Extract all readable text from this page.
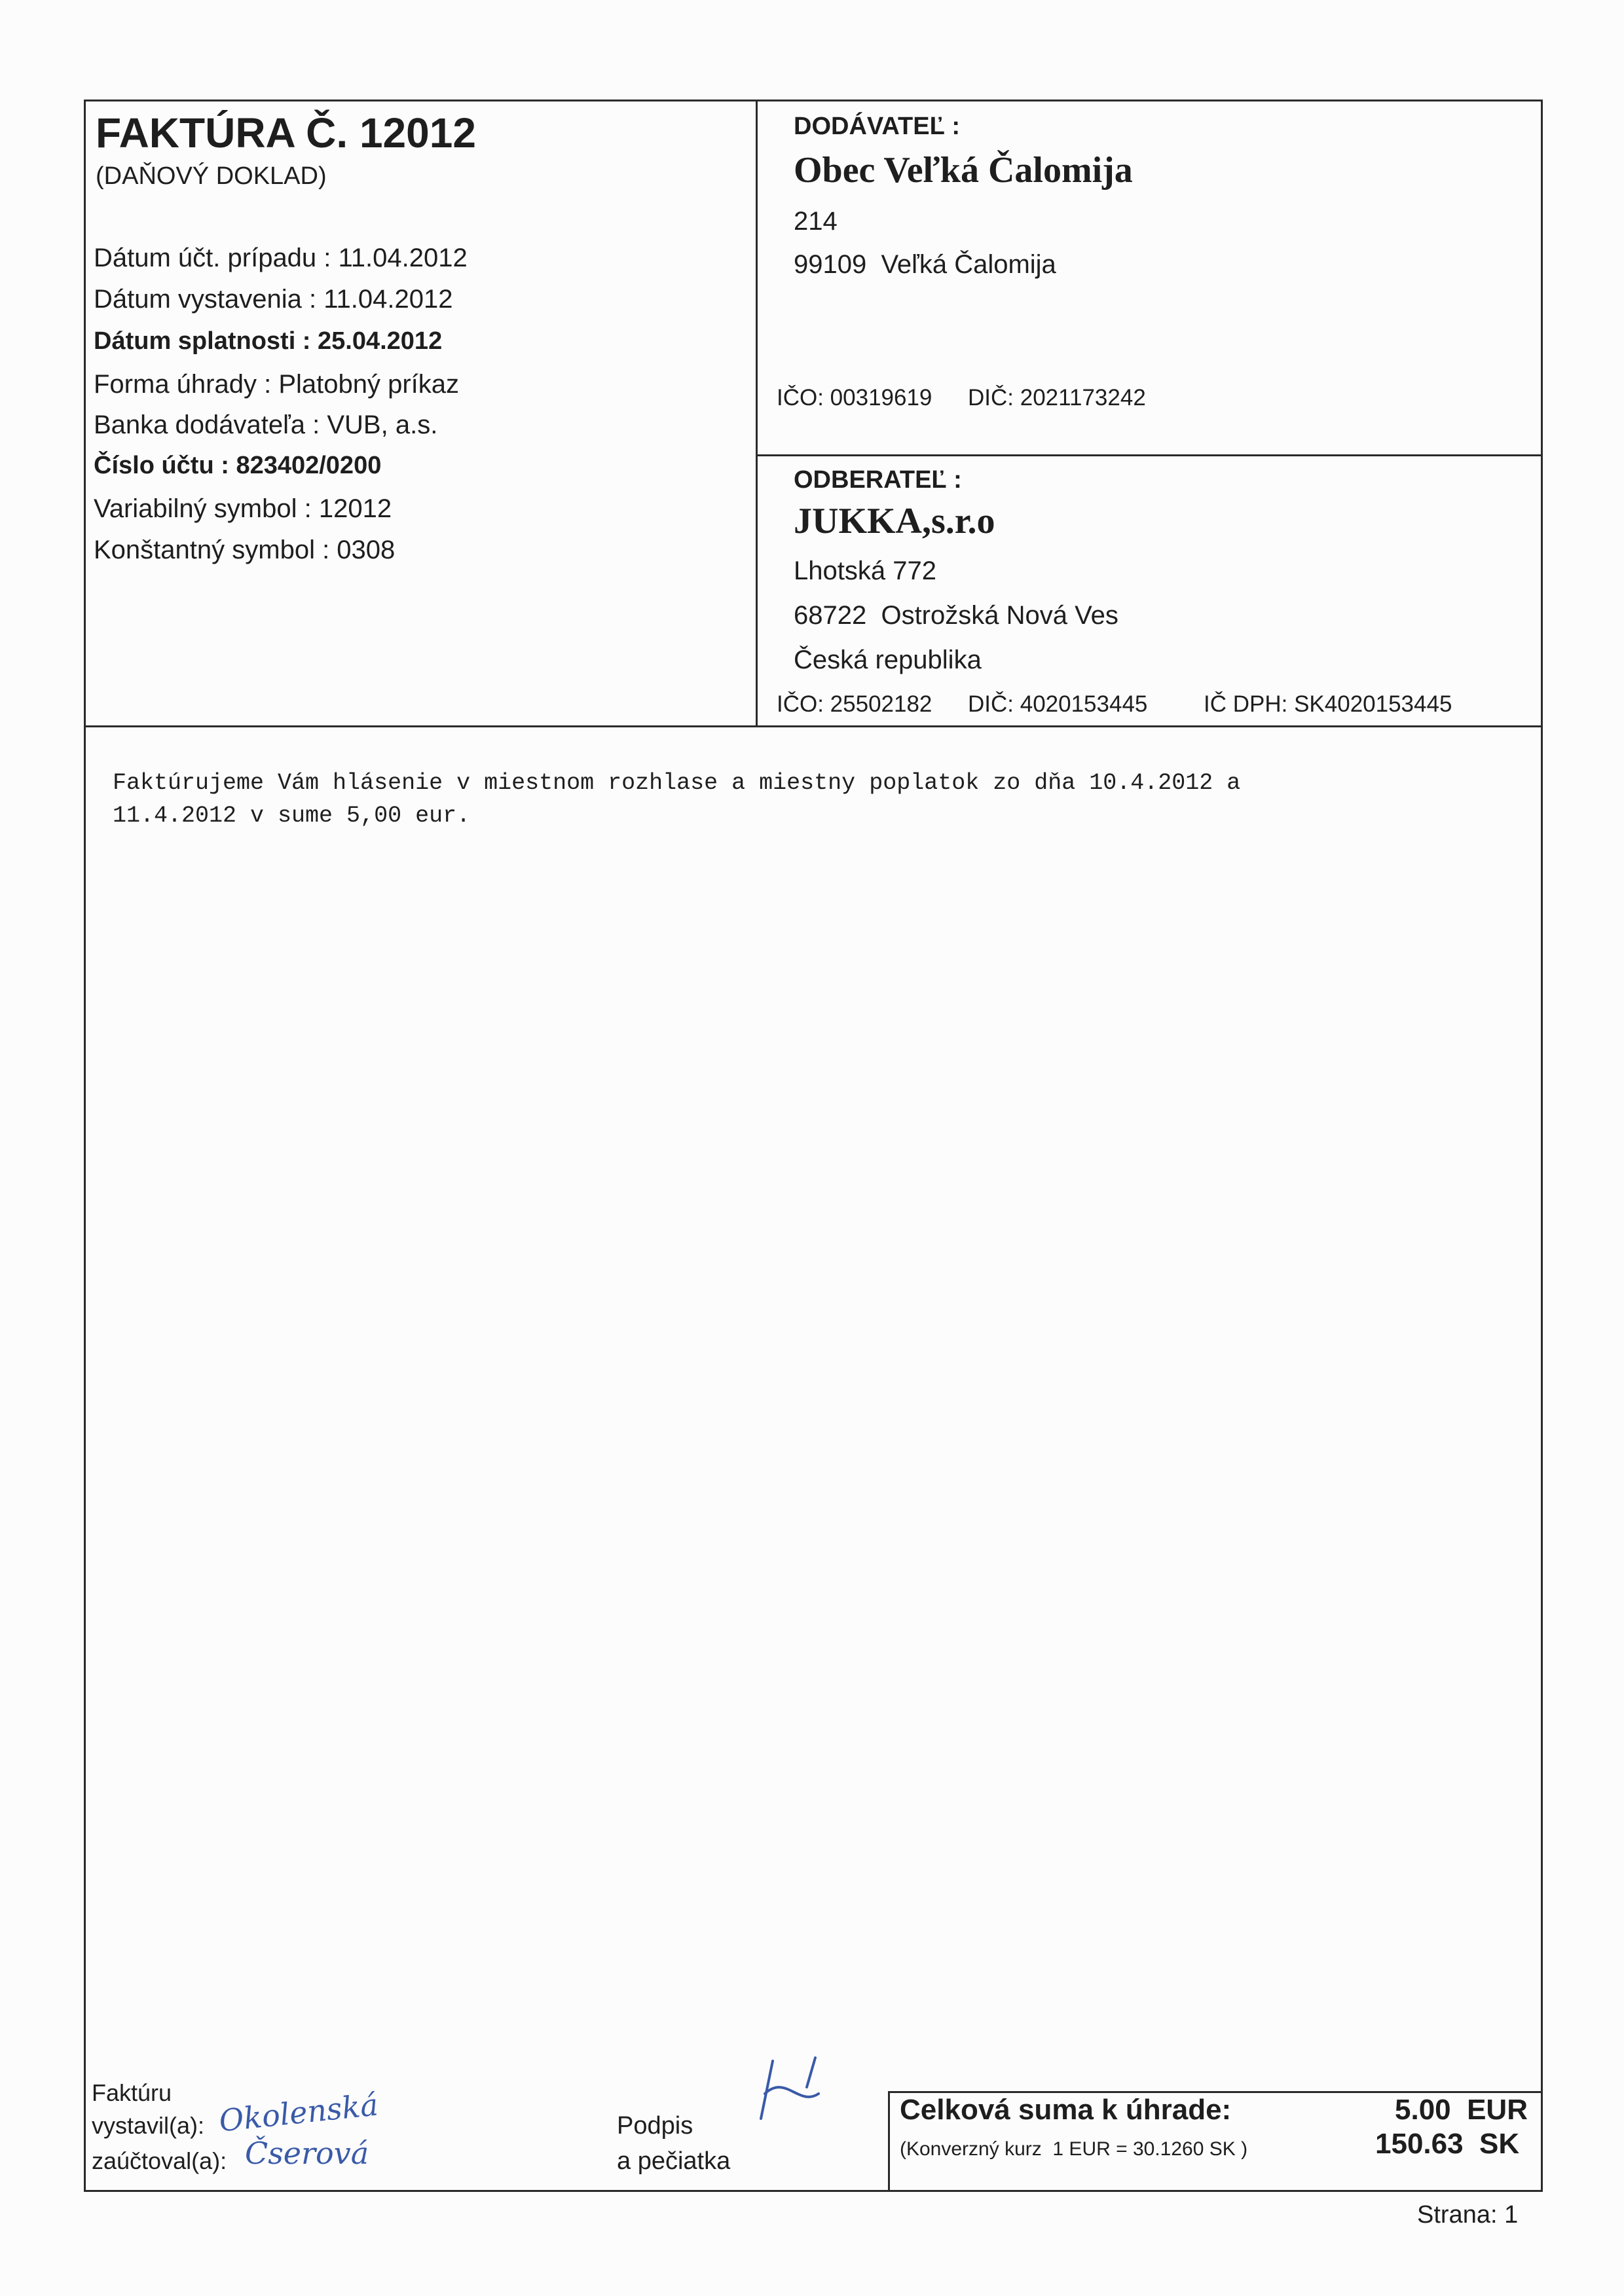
FAKTÚRA Č. 12012
(DAŇOVÝ DOKLAD)
Dátum účt. prípadu : 11.04.2012
Dátum vystavenia : 11.04.2012
Dátum splatnosti : 25.04.2012
Forma úhrady : Platobný príkaz
Banka dodávateľa : VUB, a.s.
Číslo účtu : 823402/0200
Variabilný symbol : 12012
Konštantný symbol : 0308
DODÁVATEĽ :
Obec Veľká Čalomija
214
99109  Veľká Čalomija
IČO: 00319619 DIČ: 2021173242
ODBERATEĽ :
JUKKA,s.r.o
Lhotská 772
68722  Ostrožská Nová Ves
Česká republika
IČO: 25502182 DIČ: 4020153445 IČ DPH: SK4020153445
Faktúrujeme Vám hlásenie v miestnom rozhlase a miestny poplatok zo dňa 10.4.2012 a
11.4.2012 v sume 5,00 eur.
Faktúru
vystavil(a): Okolenská
zaúčtoval(a): Čserová
Podpis
a pečiatka
Celková suma k úhrade:
(Konverzný kurz  1 EUR = 30.1260 SK )
5.00  EUR
150.63  SK
Strana: 1
